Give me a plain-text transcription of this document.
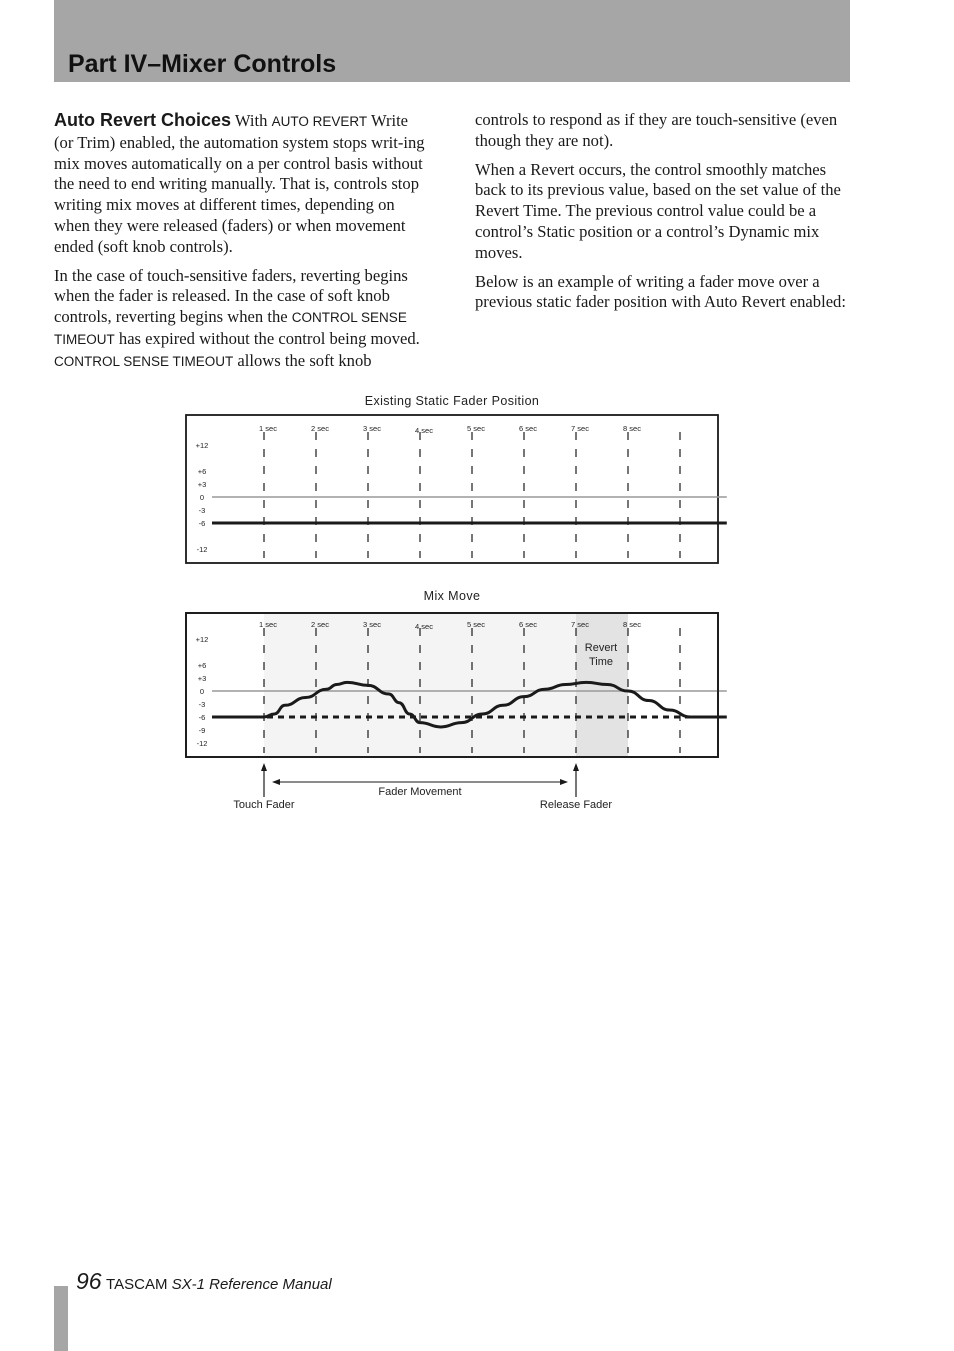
Part IV–Mixer Controls

Auto Revert Choices With AUTO REVERT Write (or Trim) enabled, the automation system stops writ-ing mix moves automatically on a per control basis without the need to end writing manually. That is, controls stop writing mix moves at different times, depending on when they were released (faders) or when movement ended (soft knob controls).

In the case of touch-sensitive faders, reverting begins when the fader is released. In the case of soft knob controls, reverting begins when the CONTROL SENSE TIMEOUT has expired without the control being moved. CONTROL SENSE TIMEOUT allows the soft knob

controls to respond as if they are touch-sensitive (even though they are not).

When a Revert occurs, the control smoothly matches back to its previous value, based on the set value of the Revert Time. The previous control value could be a control’s Static position or a control’s Dynamic mix moves.

Below is an example of writing a fader move over a previous static fader position with Auto Revert enabled:

Existing Static Fader Position
Mix Move
1 sec	2 sec	3 sec	4 sec	5 sec	6 sec	7 sec	8 sec
+12
+6
+3
0
-3
-6
-12
1 sec	2 sec	3 sec	4 sec	5 sec	6 sec	7 sec	8 sec
+12
+6
+3
0
-3
-6
-9
-12
Revert
Time
Fader Movement
Touch Fader	Release Fader
96 TASCAM SX-1 Reference Manual
